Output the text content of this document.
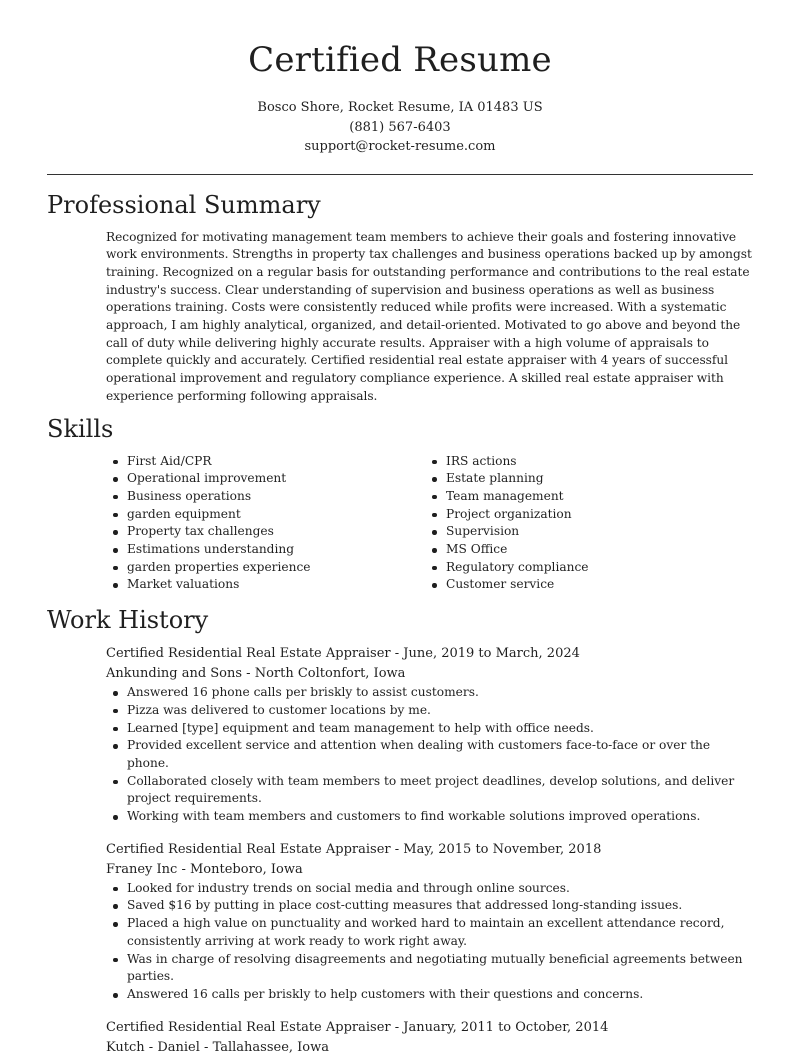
Certified Resume
Bosco Shore, Rocket Resume, IA 01483 US
(881) 567-6403
support@rocket-resume.com
Professional Summary
Recognized for motivating management team members to achieve their goals and fostering innovative work environments. Strengths in property tax challenges and business operations backed up by amongst training. Recognized on a regular basis for outstanding performance and contributions to the real estate industry's success. Clear understanding of supervision and business operations as well as business operations training. Costs were consistently reduced while profits were increased. With a systematic approach, I am highly analytical, organized, and detail-oriented. Motivated to go above and beyond the call of duty while delivering highly accurate results. Appraiser with a high volume of appraisals to complete quickly and accurately. Certified residential real estate appraiser with 4 years of successful operational improvement and regulatory compliance experience. A skilled real estate appraiser with experience performing following appraisals.
Skills
First Aid/CPR
Operational improvement
Business operations
garden equipment
Property tax challenges
Estimations understanding
garden properties experience
Market valuations
IRS actions
Estate planning
Team management
Project organization
Supervision
MS Office
Regulatory compliance
Customer service
Work History
Certified Residential Real Estate Appraiser - June, 2019 to March, 2024
Ankunding and Sons - North Coltonfort, Iowa
Answered 16 phone calls per briskly to assist customers.
Pizza was delivered to customer locations by me.
Learned [type] equipment and team management to help with office needs.
Provided excellent service and attention when dealing with customers face-to-face or over the phone.
Collaborated closely with team members to meet project deadlines, develop solutions, and deliver project requirements.
Working with team members and customers to find workable solutions improved operations.
Certified Residential Real Estate Appraiser - May, 2015 to November, 2018
Franey Inc - Monteboro, Iowa
Looked for industry trends on social media and through online sources.
Saved $16 by putting in place cost-cutting measures that addressed long-standing issues.
Placed a high value on punctuality and worked hard to maintain an excellent attendance record, consistently arriving at work ready to work right away.
Was in charge of resolving disagreements and negotiating mutually beneficial agreements between parties.
Answered 16 calls per briskly to help customers with their questions and concerns.
Certified Residential Real Estate Appraiser - January, 2011 to October, 2014
Kutch - Daniel - Tallahassee, Iowa
